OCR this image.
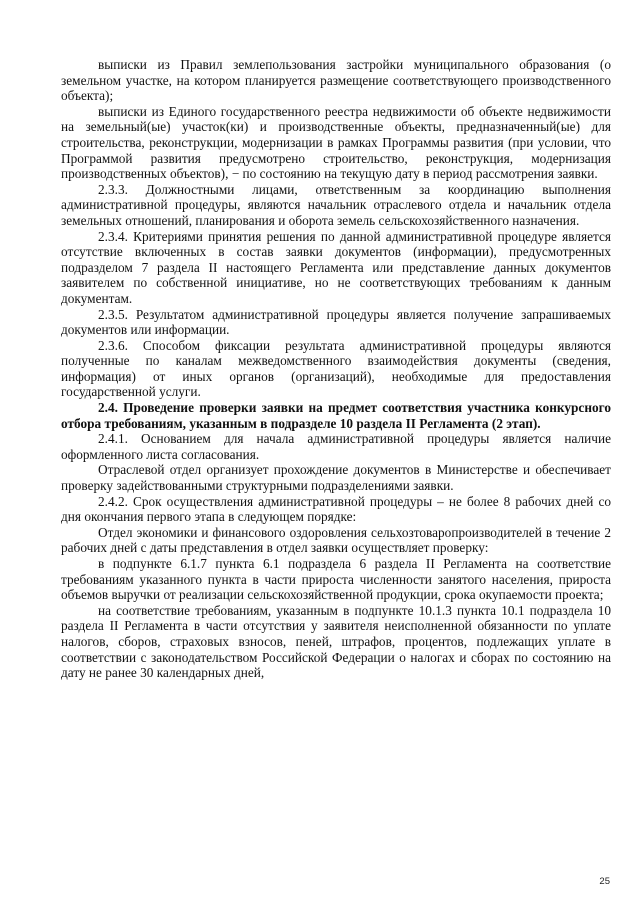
выписки из Правил землепользования застройки муниципального образования (о земельном участке, на котором планируется размещение соответствующего производственного объекта);

выписки из Единого государственного реестра недвижимости об объекте недвижимости на земельный(ые) участок(ки) и производственные объекты, предназначенный(ые) для строительства, реконструкции, модернизации в рамках Программы развития (при условии, что Программой развития предусмотрено строительство, реконструкция, модернизация производственных объектов), − по состоянию на текущую дату в период рассмотрения заявки.

2.3.3. Должностными лицами, ответственным за координацию выполнения административной процедуры, являются начальник отраслевого отдела и начальник отдела земельных отношений, планирования и оборота земель сельскохозяйственного назначения.

2.3.4. Критериями принятия решения по данной административной процедуре является отсутствие включенных в состав заявки документов (информации), предусмотренных подразделом 7 раздела II настоящего Регламента или представление данных документов заявителем по собственной инициативе, но не соответствующих требованиям к данным документам.

2.3.5. Результатом административной процедуры является получение запрашиваемых документов или информации.

2.3.6. Способом фиксации результата административной процедуры являются полученные по каналам межведомственного взаимодействия документы (сведения, информация) от иных органов (организаций), необходимые для предоставления государственной услуги.

2.4. Проведение проверки заявки на предмет соответствия участника конкурсного отбора требованиям, указанным в подразделе 10 раздела II Регламента (2 этап).

2.4.1. Основанием для начала административной процедуры является наличие оформленного листа согласования.

Отраслевой отдел организует прохождение документов в Министерстве и обеспечивает проверку задействованными структурными подразделениями заявки.

2.4.2. Срок осуществления административной процедуры – не более 8 рабочих дней со дня окончания первого этапа в следующем порядке:

Отдел экономики и финансового оздоровления сельхозтоваропроизводителей в течение 2 рабочих дней с даты представления в отдел заявки осуществляет проверку:

в подпункте 6.1.7 пункта 6.1 подраздела 6 раздела II Регламента на соответствие требованиям указанного пункта в части прироста численности занятого населения, прироста объемов выручки от реализации сельскохозяйственной продукции, срока окупаемости проекта;

на соответствие требованиям, указанным в подпункте 10.1.3 пункта 10.1 подраздела 10 раздела II Регламента в части отсутствия у заявителя неисполненной обязанности по уплате налогов, сборов, страховых взносов, пеней, штрафов, процентов, подлежащих уплате в соответствии с законодательством Российской Федерации о налогах и сборах по состоянию на дату не ранее 30 календарных дней,

25
